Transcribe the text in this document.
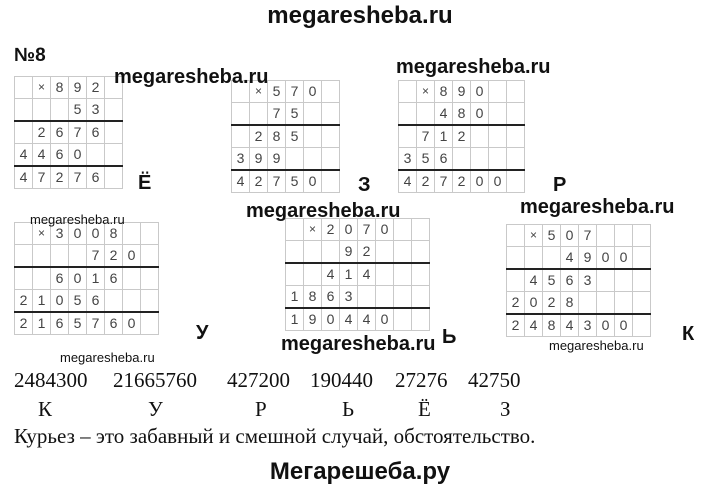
megaresheba.ru
№8
	×	8	9	2	
			5	3	
	2	6	7	6	
4	4	6	0		
4	7	2	7	6	
	×	5	7	0	
		7	5		
	2	8	5		
3	9	9			
4	2	7	5	0	
	×	8	9	0		
		4	8	0		
	7	1	2			
3	5	6				
4	2	7	2	0	0	
	×	3	0	0	8		
				7	2	0	
		6	0	1	6		
2	1	0	5	6			
2	1	6	5	7	6	0	
	×	2	0	7	0		
			9	2			
		4	1	4			
1	8	6	3				
1	9	0	4	4	0		
	×	5	0	7			
			4	9	0	0	
	4	5	6	3			
2	0	2	8				
2	4	8	4	3	0	0	
Ё	З	Р
У	Ь	К
megaresheba.ru	megaresheba.ru
megaresheba.ru	megaresheba.ru	megaresheba.ru
megaresheba.ru
megaresheba.ru
megaresheba.ru
2484300 21665760 427200 190440 27276 42750
К	У	Р	Ь	Ё	З
Курьез – это забавный и смешной случай, обстоятельство.
Мегарешеба.ру
